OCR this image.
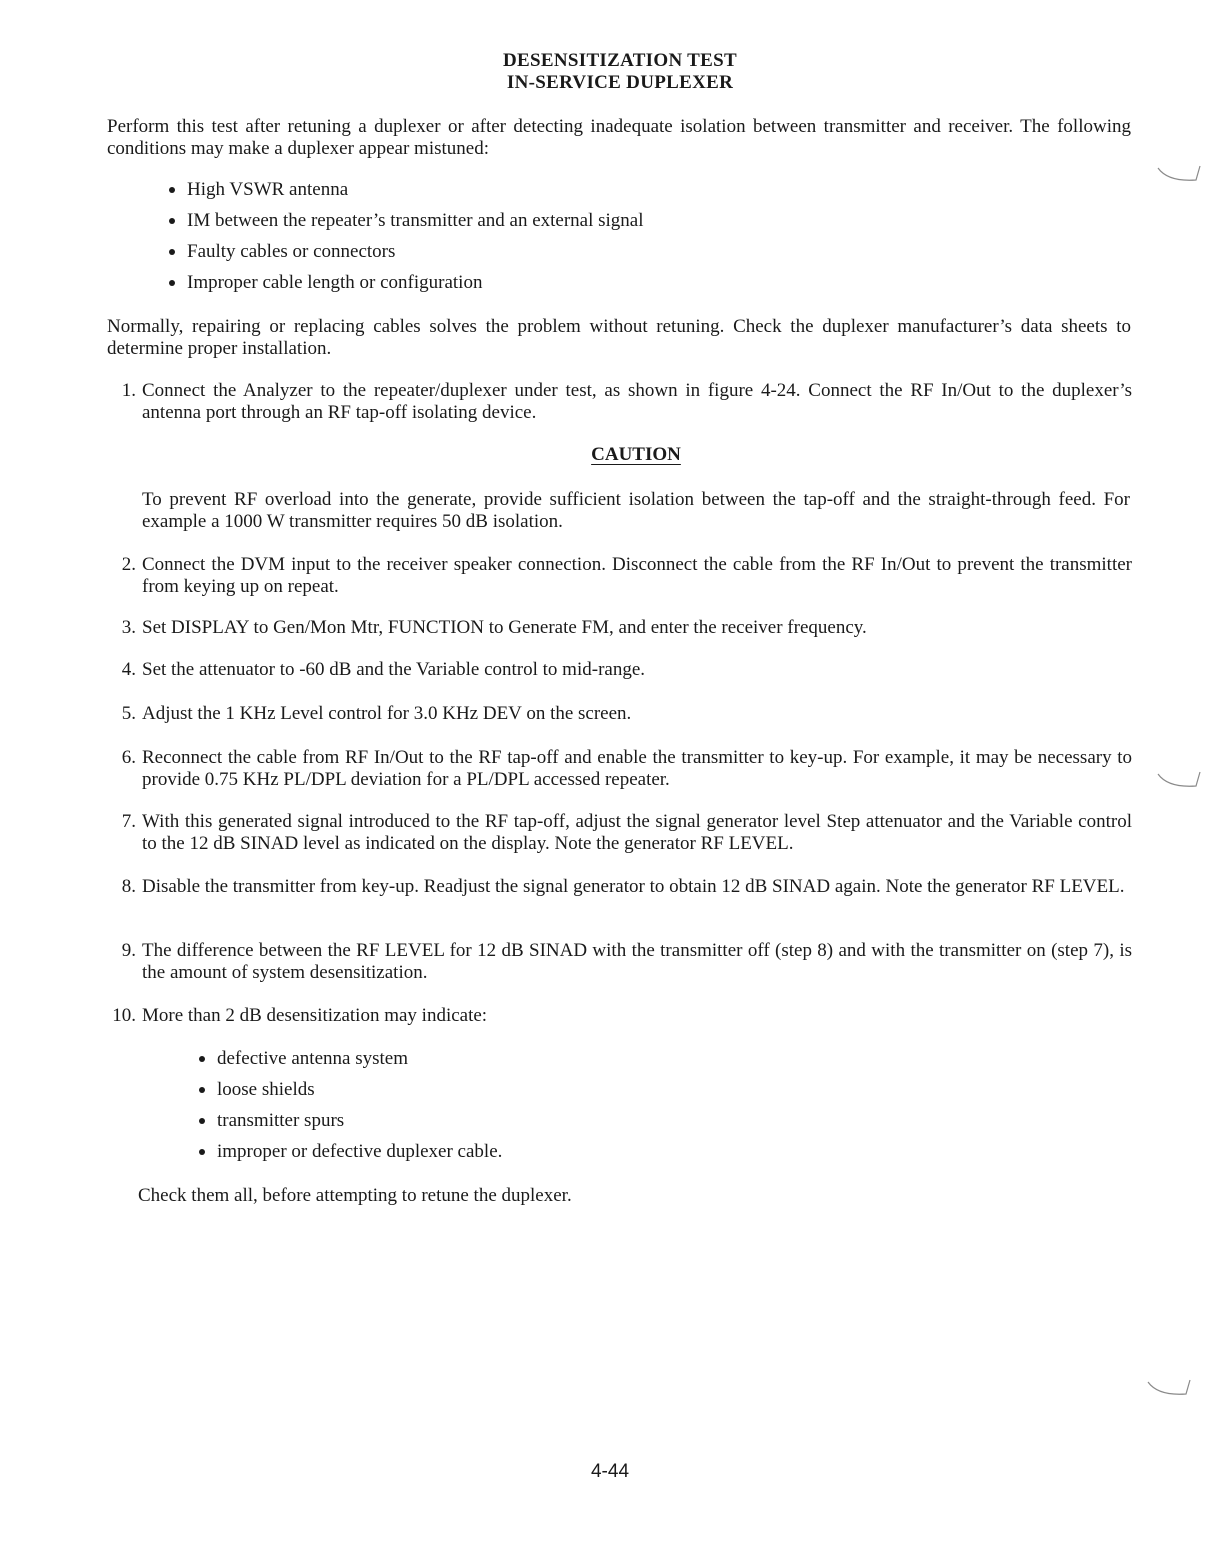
DESENSITIZATION TEST
IN-SERVICE DUPLEXER

Perform this test after retuning a duplexer or after detecting inadequate isolation between transmitter and receiver. The following conditions may make a duplexer appear mistuned:

High VSWR antenna
IM between the repeater’s transmitter and an external signal
Faulty cables or connectors
Improper cable length or configuration

Normally, repairing or replacing cables solves the problem without retuning. Check the duplexer manufacturer’s data sheets to determine proper installation.

1. Connect the Analyzer to the repeater/duplexer under test, as shown in figure 4-24. Connect the RF In/Out to the duplexer’s antenna port through an RF tap-off isolating device.
CAUTION
To prevent RF overload into the generate, provide sufficient isolation between the tap-off and the straight-through feed. For example a 1000 W transmitter requires 50 dB isolation.
2. Connect the DVM input to the receiver speaker connection. Disconnect the cable from the RF In/Out to prevent the transmitter from keying up on repeat.
3. Set DISPLAY to Gen/Mon Mtr, FUNCTION to Generate FM, and enter the receiver frequency.
4. Set the attenuator to -60 dB and the Variable control to mid-range.
5. Adjust the 1 KHz Level control for 3.0 KHz DEV on the screen.
6. Reconnect the cable from RF In/Out to the RF tap-off and enable the transmitter to key-up. For example, it may be necessary to provide 0.75 KHz PL/DPL deviation for a PL/DPL accessed repeater.
7. With this generated signal introduced to the RF tap-off, adjust the signal generator level Step attenuator and the Variable control to the 12 dB SINAD level as indicated on the display. Note the generator RF LEVEL.
8. Disable the transmitter from key-up. Readjust the signal generator to obtain 12 dB SINAD again. Note the generator RF LEVEL.
9. The difference between the RF LEVEL for 12 dB SINAD with the transmitter off (step 8) and with the transmitter on (step 7), is the amount of system desensitization.
10. More than 2 dB desensitization may indicate:
defective antenna system
loose shields
transmitter spurs
improper or defective duplexer cable.
Check them all, before attempting to retune the duplexer.
4-44
